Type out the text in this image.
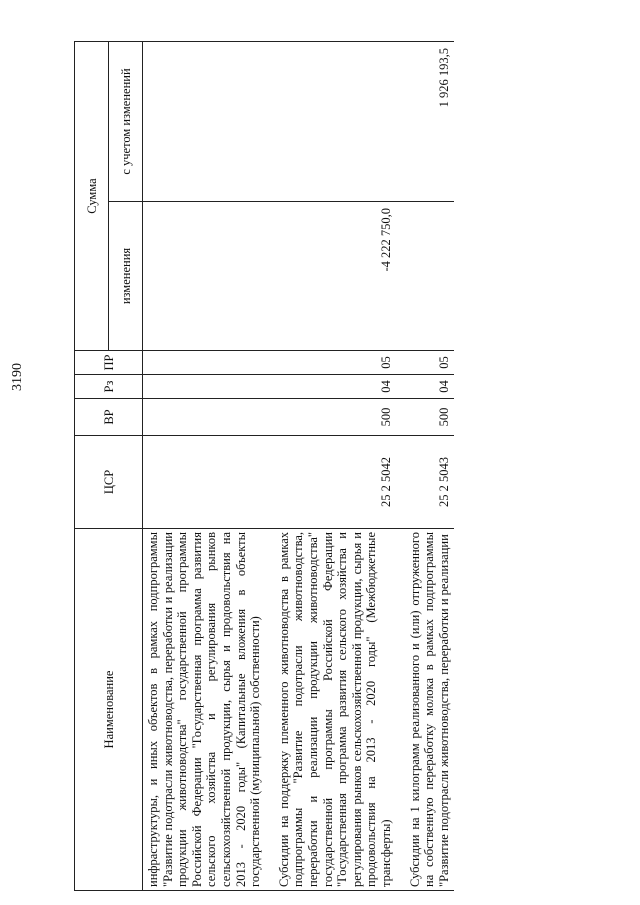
3190
Наименование	ЦСР	ВР	Рз	ПР	Сумма	
					изменения	с учетом изменений
инфраструктуры, и иных объектов в рамках подпрограммы "Развитие подотрасли животноводства, переработки и реализации продукции животноводства" государственной программы Российской Федерации "Государственная программа развития сельского хозяйства и регулирования рынков сельскохозяйственной продукции, сырья и продовольствия на 2013 - 2020 годы" (Капитальные вложения в объекты государственной (муниципальной) собственности)						

Субсидии на поддержку племенного животноводства в рамках подпрограммы "Развитие подотрасли животноводства, переработки и реализации продукции животноводства" государственной программы Российской Федерации "Государственная программа развития сельского хозяйства и регулирования рынков сельскохозяйственной продукции, сырья и продовольствия на 2013 - 2020 годы" (Межбюджетные трансферты)	25 2 5042	500	04	05	-4 222 750,0	

Субсидии на 1 килограмм реализованного и (или) отгруженного на собственную переработку молока в рамках подпрограммы "Развитие подотрасли животноводства, переработки и реализации	25 2 5043	500	04	05		1 926 193,5
